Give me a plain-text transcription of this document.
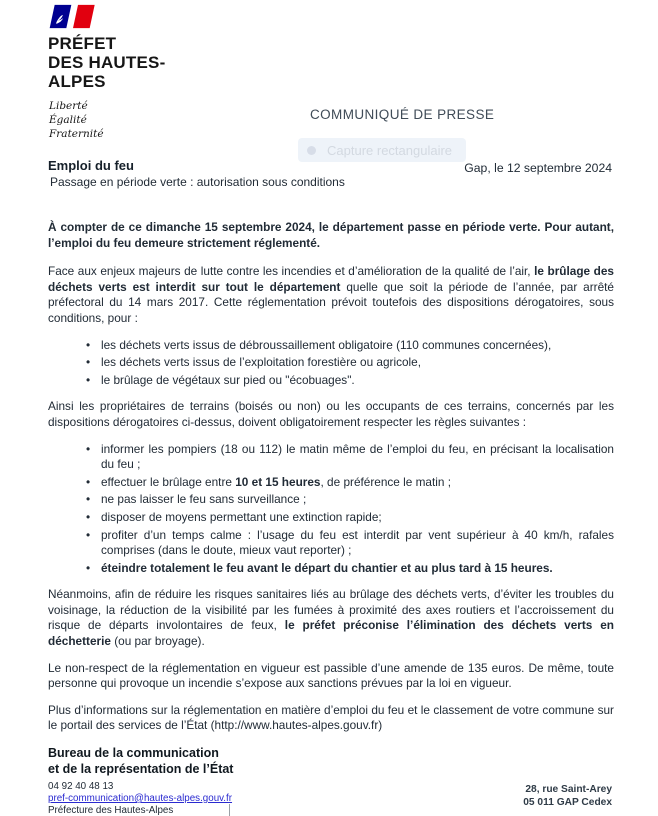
PRÉFET
DES HAUTES-
ALPES
Liberté
Égalité
Fraternité
COMMUNIQUÉ DE PRESSE
Capture rectangulaire
Gap, le 12 septembre 2024
Emploi du feu
Passage en période verte : autorisation sous conditions

À compter de ce dimanche 15 septembre 2024, le département passe en période verte. Pour autant, l’emploi du feu demeure strictement réglementé.

Face aux enjeux majeurs de lutte contre les incendies et d’amélioration de la qualité de l’air, le brûlage des déchets verts est interdit sur tout le département quelle que soit la période de l’année, par arrêté préfectoral du 14 mars 2017. Cette réglementation prévoit toutefois des dispositions dérogatoires, sous conditions, pour :

• les déchets verts issus de débroussaillement obligatoire (110 communes concernées),
• les déchets verts issus de l’exploitation forestière ou agricole,
• le brûlage de végétaux sur pied ou "écobuages".

Ainsi les propriétaires de terrains (boisés ou non) ou les occupants de ces terrains, concernés par les dispositions dérogatoires ci-dessus, doivent obligatoirement respecter les règles suivantes :

• informer les pompiers (18 ou 112) le matin même de l’emploi du feu, en précisant la localisation du feu ;
• effectuer le brûlage entre 10 et 15 heures, de préférence le matin ;
• ne pas laisser le feu sans surveillance ;
• disposer de moyens permettant une extinction rapide;
• profiter d’un temps calme : l’usage du feu est interdit par vent supérieur à 40 km/h, rafales comprises (dans le doute, mieux vaut reporter) ;
• éteindre totalement le feu avant le départ du chantier et au plus tard à 15 heures.

Néanmoins, afin de réduire les risques sanitaires liés au brûlage des déchets verts, d’éviter les troubles du voisinage, la réduction de la visibilité par les fumées à proximité des axes routiers et l’accroissement du risque de départs involontaires de feux, le préfet préconise l’élimination des déchets verts en déchetterie (ou par broyage).

Le non-respect de la réglementation en vigueur est passible d’une amende de 135 euros. De même, toute personne qui provoque un incendie s’expose aux sanctions prévues par la loi en vigueur.

Plus d’informations sur la réglementation en matière d’emploi du feu et le classement de votre commune sur le portail des services de l’État (http://www.hautes-alpes.gouv.fr)

Bureau de la communication
et de la représentation de l’État
04 92 40 48 13
pref-communication@hautes-alpes.gouv.fr
Préfecture des Hautes-Alpes
28, rue Saint-Arey
05 011 GAP Cedex
